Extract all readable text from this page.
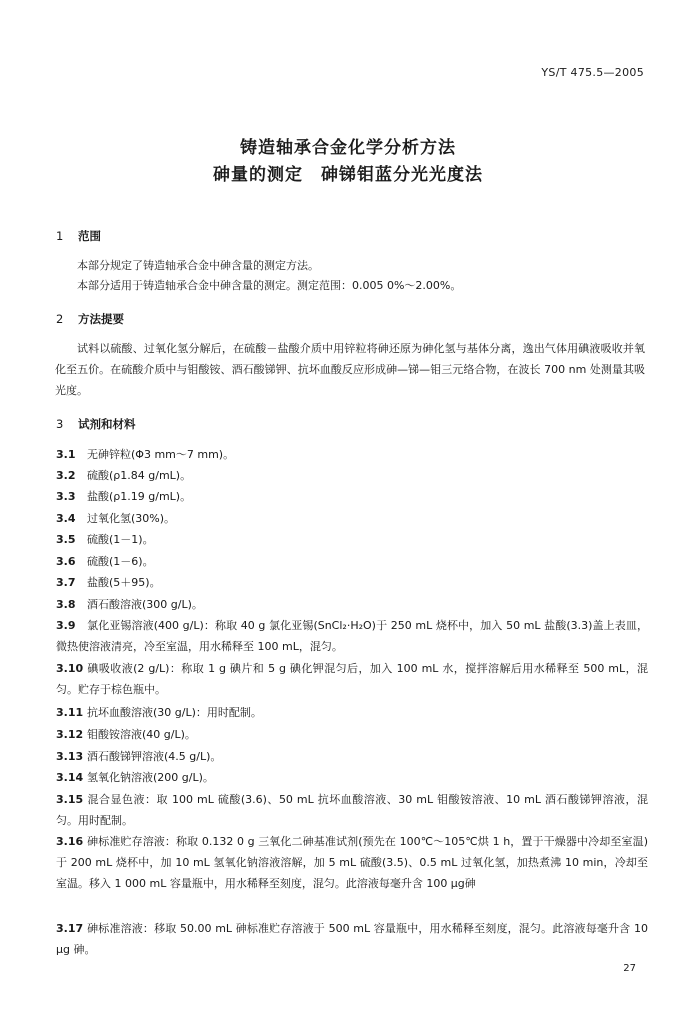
YS/T 475.5—2005
铸造轴承合金化学分析方法
砷量的测定　砷锑钼蓝分光光度法
1 范围
本部分规定了铸造轴承合金中砷含量的测定方法。
本部分适用于铸造轴承合金中砷含量的测定。测定范围：0.005 0%～2.00%。
2 方法提要
试料以硫酸、过氧化氢分解后，在硫酸－盐酸介质中用锌粒将砷还原为砷化氢与基体分离，逸出气体用碘液吸收并氧化至五价。在硫酸介质中与钼酸铵、酒石酸锑钾、抗坏血酸反应形成砷—锑—钼三元络合物，在波长 700 nm 处测量其吸光度。
3 试剂和材料
3.1 无砷锌粒(Φ3 mm～7 mm)。
3.2 硫酸(ρ1.84 g/mL)。
3.3 盐酸(ρ1.19 g/mL)。
3.4 过氧化氢(30%)。
3.5 硫酸(1－1)。
3.6 硫酸(1－6)。
3.7 盐酸(5＋95)。
3.8 酒石酸溶液(300 g/L)。
3.9 氯化亚锡溶液(400 g/L)：称取 40 g 氯化亚锡(SnCl₂·H₂O)于 250 mL 烧杯中，加入 50 mL 盐酸(3.3)盖上表皿，微热使溶液清亮，冷至室温，用水稀释至 100 mL，混匀。
3.10 碘吸收液(2 g/L)：称取 1 g 碘片和 5 g 碘化钾混匀后，加入 100 mL 水，搅拌溶解后用水稀释至 500 mL，混匀。贮存于棕色瓶中。
3.11 抗坏血酸溶液(30 g/L)：用时配制。
3.12 钼酸铵溶液(40 g/L)。
3.13 酒石酸锑钾溶液(4.5 g/L)。
3.14 氢氧化钠溶液(200 g/L)。
3.15 混合显色液：取 100 mL 硫酸(3.6)、50 mL 抗坏血酸溶液、30 mL 钼酸铵溶液、10 mL 酒石酸锑钾溶液，混匀。用时配制。
3.16 砷标准贮存溶液：称取 0.132 0 g 三氧化二砷基准试剂(预先在 100℃～105℃烘 1 h，置于干燥器中冷却至室温)于 200 mL 烧杯中，加 10 mL 氢氧化钠溶液溶解，加 5 mL 硫酸(3.5)、0.5 mL 过氧化氢，加热煮沸 10 min，冷却至室温。移入 1 000 mL 容量瓶中，用水稀释至刻度，混匀。此溶液每毫升含 100 μg砷
3.17 砷标准溶液：移取 50.00 mL 砷标准贮存溶液于 500 mL 容量瓶中，用水稀释至刻度，混匀。此溶液每毫升含 10 μg 砷。
27
